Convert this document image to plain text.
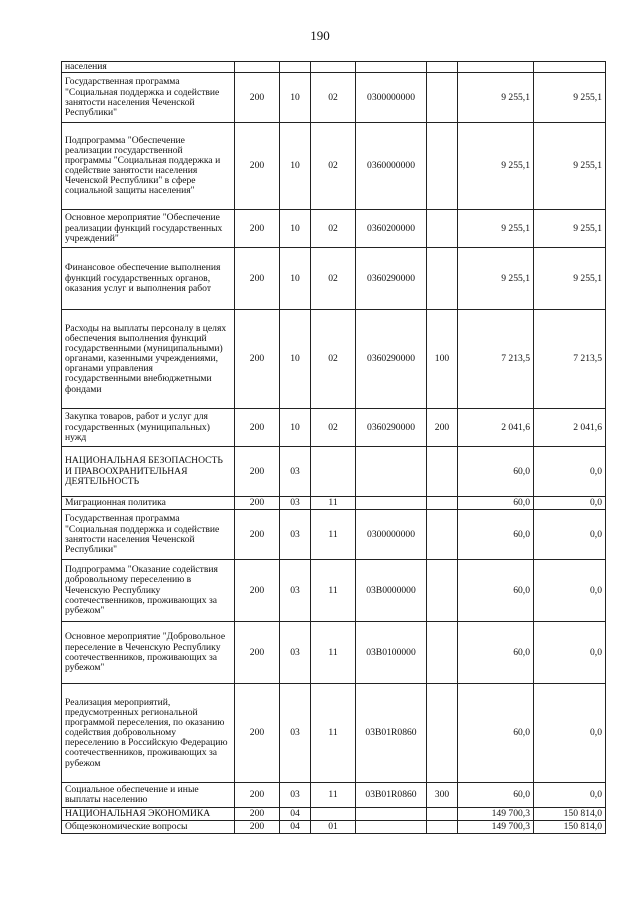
190
населения							
Государственная программа "Социальная поддержка и содействие занятости населения Чеченской Республики"	200	10	02	0300000000		9 255,1	9 255,1
Подпрограмма "Обеспечение реализации государственной программы "Социальная поддержка и содействие занятости населения Чеченской Республики" в сфере социальной защиты населения"	200	10	02	0360000000		9 255,1	9 255,1
Основное мероприятие "Обеспечение реализации функций государственных учреждений"	200	10	02	0360200000		9 255,1	9 255,1
Финансовое обеспечение выполнения функций государственных органов, оказания услуг и выполнения работ	200	10	02	0360290000		9 255,1	9 255,1
Расходы на выплаты персоналу в целях обеспечения выполнения функций государственными (муниципальными) органами, казенными учреждениями, органами управления государственными внебюджетными фондами	200	10	02	0360290000	100	7 213,5	7 213,5
Закупка товаров, работ и услуг для государственных (муниципальных) нужд	200	10	02	0360290000	200	2 041,6	2 041,6
НАЦИОНАЛЬНАЯ БЕЗОПАСНОСТЬ И ПРАВООХРАНИТЕЛЬНАЯ ДЕЯТЕЛЬНОСТЬ	200	03				60,0	0,0
Миграционная политика	200	03	11			60,0	0,0
Государственная программа "Социальная поддержка и содействие занятости населения Чеченской Республики"	200	03	11	0300000000		60,0	0,0
Подпрограмма "Оказание содействия добровольному переселению в Чеченскую Республику соотечественников, проживающих за рубежом"	200	03	11	03В0000000		60,0	0,0
Основное мероприятие "Добровольное переселение в Чеченскую Республику соотечественников, проживающих за рубежом"	200	03	11	03В0100000		60,0	0,0
Реализация мероприятий, предусмотренных региональной программой переселения, по оказанию содействия добровольному переселению в Российскую Федерацию соотечественников, проживающих за рубежом	200	03	11	03В01R0860		60,0	0,0
Социальное обеспечение и иные выплаты населению	200	03	11	03В01R0860	300	60,0	0,0
НАЦИОНАЛЬНАЯ ЭКОНОМИКА	200	04				149 700,3	150 814,0
Общеэкономические вопросы	200	04	01			149 700,3	150 814,0
